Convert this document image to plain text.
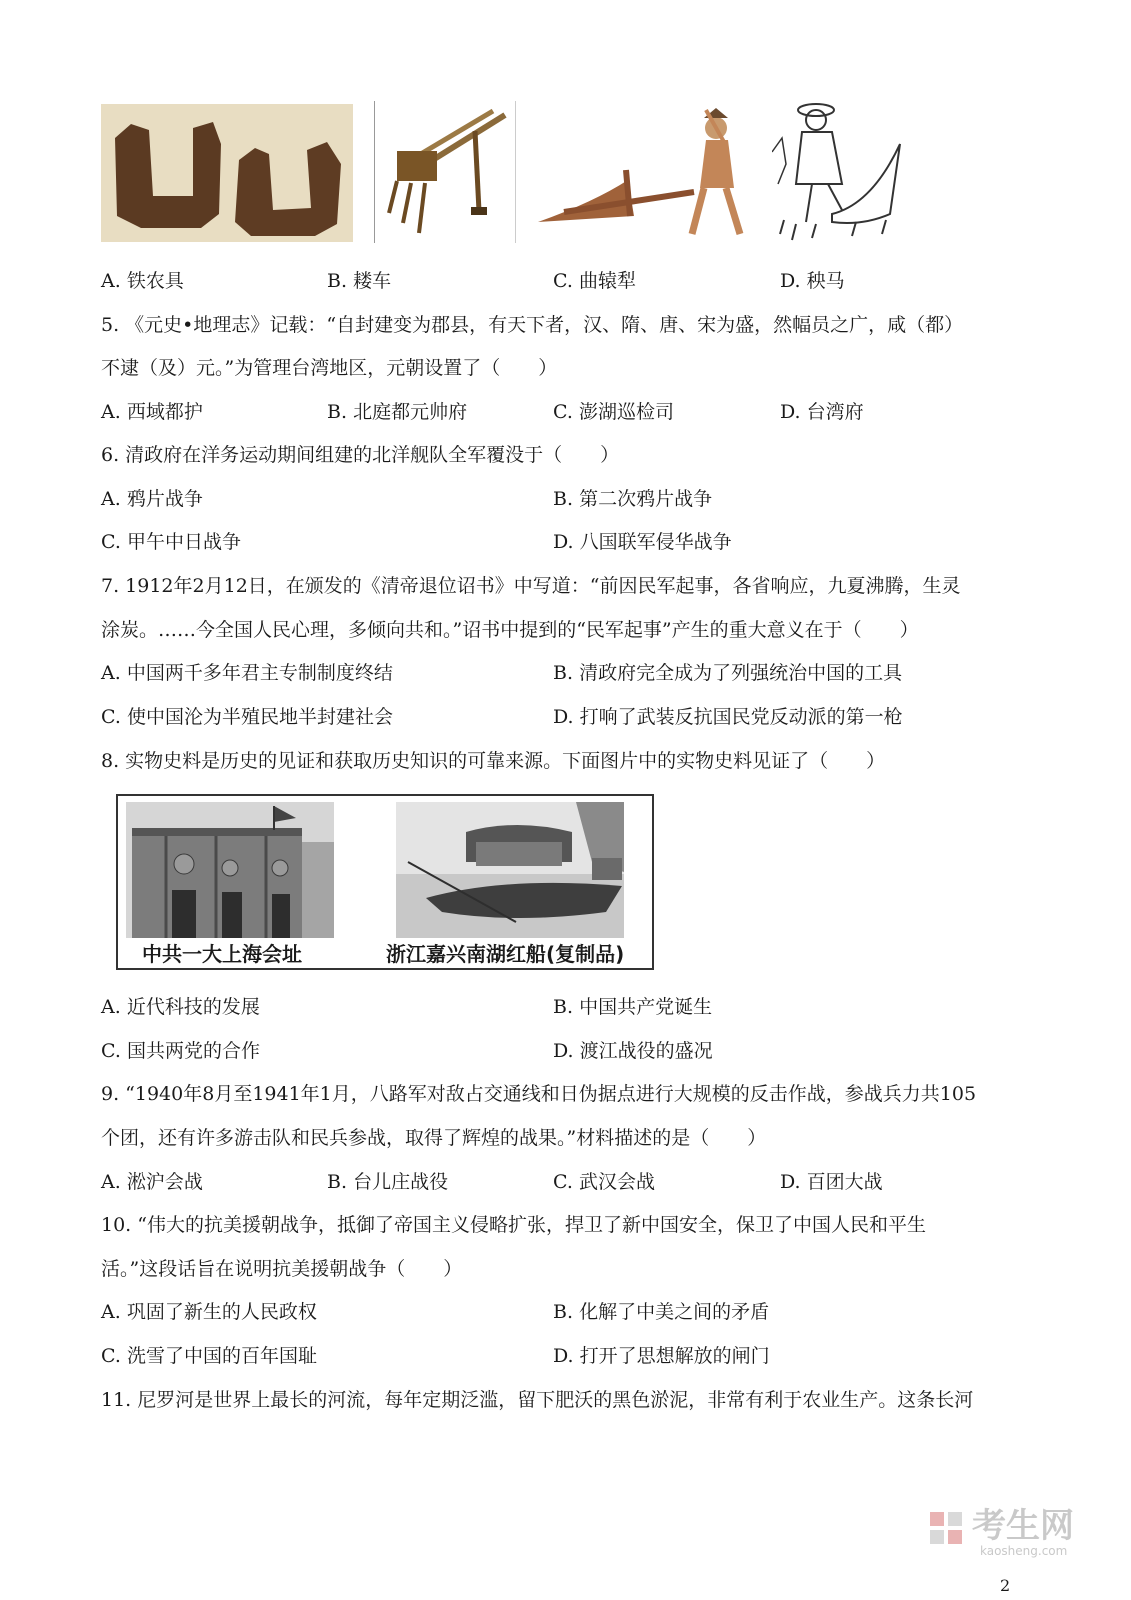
A. 铁农具	B. 耧车	C. 曲辕犁	D. 秧马
5. 《元史•地理志》记载：“自封建变为郡县，有天下者，汉、隋、唐、宋为盛，然幅员之广，咸（都）
不逮（及）元。”为管理台湾地区，元朝设置了（　　）
A. 西域都护	B. 北庭都元帅府	C. 澎湖巡检司	D. 台湾府
6. 清政府在洋务运动期间组建的北洋舰队全军覆没于（　　）
A. 鸦片战争	B. 第二次鸦片战争
C. 甲午中日战争	D. 八国联军侵华战争
7. 1912年2月12日，在颁发的《清帝退位诏书》中写道：“前因民军起事，各省响应，九夏沸腾，生灵
涂炭。……今全国人民心理，多倾向共和。”诏书中提到的“民军起事”产生的重大意义在于（　　）
A. 中国两千多年君主专制制度终结	B. 清政府完全成为了列强统治中国的工具
C. 使中国沦为半殖民地半封建社会	D. 打响了武装反抗国民党反动派的第一枪
8. 实物史料是历史的见证和获取历史知识的可靠来源。下面图片中的实物史料见证了（　　）
中共一大上海会址	浙江嘉兴南湖红船(复制品)
A. 近代科技的发展	B. 中国共产党诞生
C. 国共两党的合作	D. 渡江战役的盛况
9. “1940年8月至1941年1月，八路军对敌占交通线和日伪据点进行大规模的反击作战，参战兵力共105
个团，还有许多游击队和民兵参战，取得了辉煌的战果。”材料描述的是（　　）
A. 淞沪会战	B. 台儿庄战役	C. 武汉会战	D. 百团大战
10. “伟大的抗美援朝战争，抵御了帝国主义侵略扩张，捍卫了新中国安全，保卫了中国人民和平生
活。”这段话旨在说明抗美援朝战争（　　）
A. 巩固了新生的人民政权	B. 化解了中美之间的矛盾
C. 洗雪了中国的百年国耻	D. 打开了思想解放的闸门
11. 尼罗河是世界上最长的河流，每年定期泛滥，留下肥沃的黑色淤泥，非常有利于农业生产。这条长河
考生网
kaosheng.com
2
